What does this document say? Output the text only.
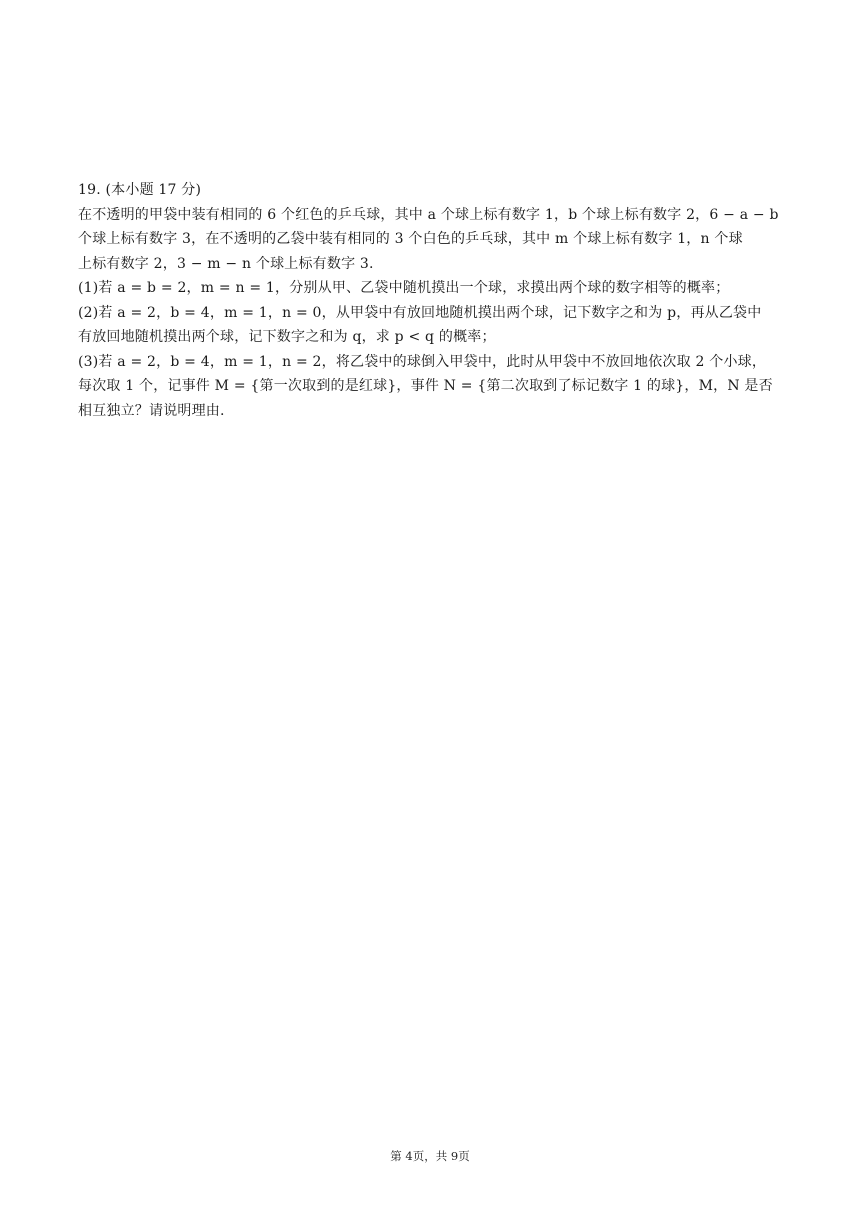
19. (本小题 17 分)
在不透明的甲袋中装有相同的 6 个红色的乒乓球，其中 a 个球上标有数字 1，b 个球上标有数字 2，6 − a − b
个球上标有数字 3，在不透明的乙袋中装有相同的 3 个白色的乒乓球，其中 m 个球上标有数字 1，n 个球
上标有数字 2，3 − m − n 个球上标有数字 3.
(1)若 a = b = 2，m = n = 1，分别从甲、乙袋中随机摸出一个球，求摸出两个球的数字相等的概率；
(2)若 a = 2，b = 4，m = 1，n = 0，从甲袋中有放回地随机摸出两个球，记下数字之和为 p，再从乙袋中
有放回地随机摸出两个球，记下数字之和为 q，求 p < q 的概率；
(3)若 a = 2，b = 4，m = 1，n = 2，将乙袋中的球倒入甲袋中，此时从甲袋中不放回地依次取 2 个小球，
每次取 1 个，记事件 M = {第一次取到的是红球}，事件 N = {第二次取到了标记数字 1 的球}，M，N 是否
相互独立？请说明理由.
第 4页，共 9页
